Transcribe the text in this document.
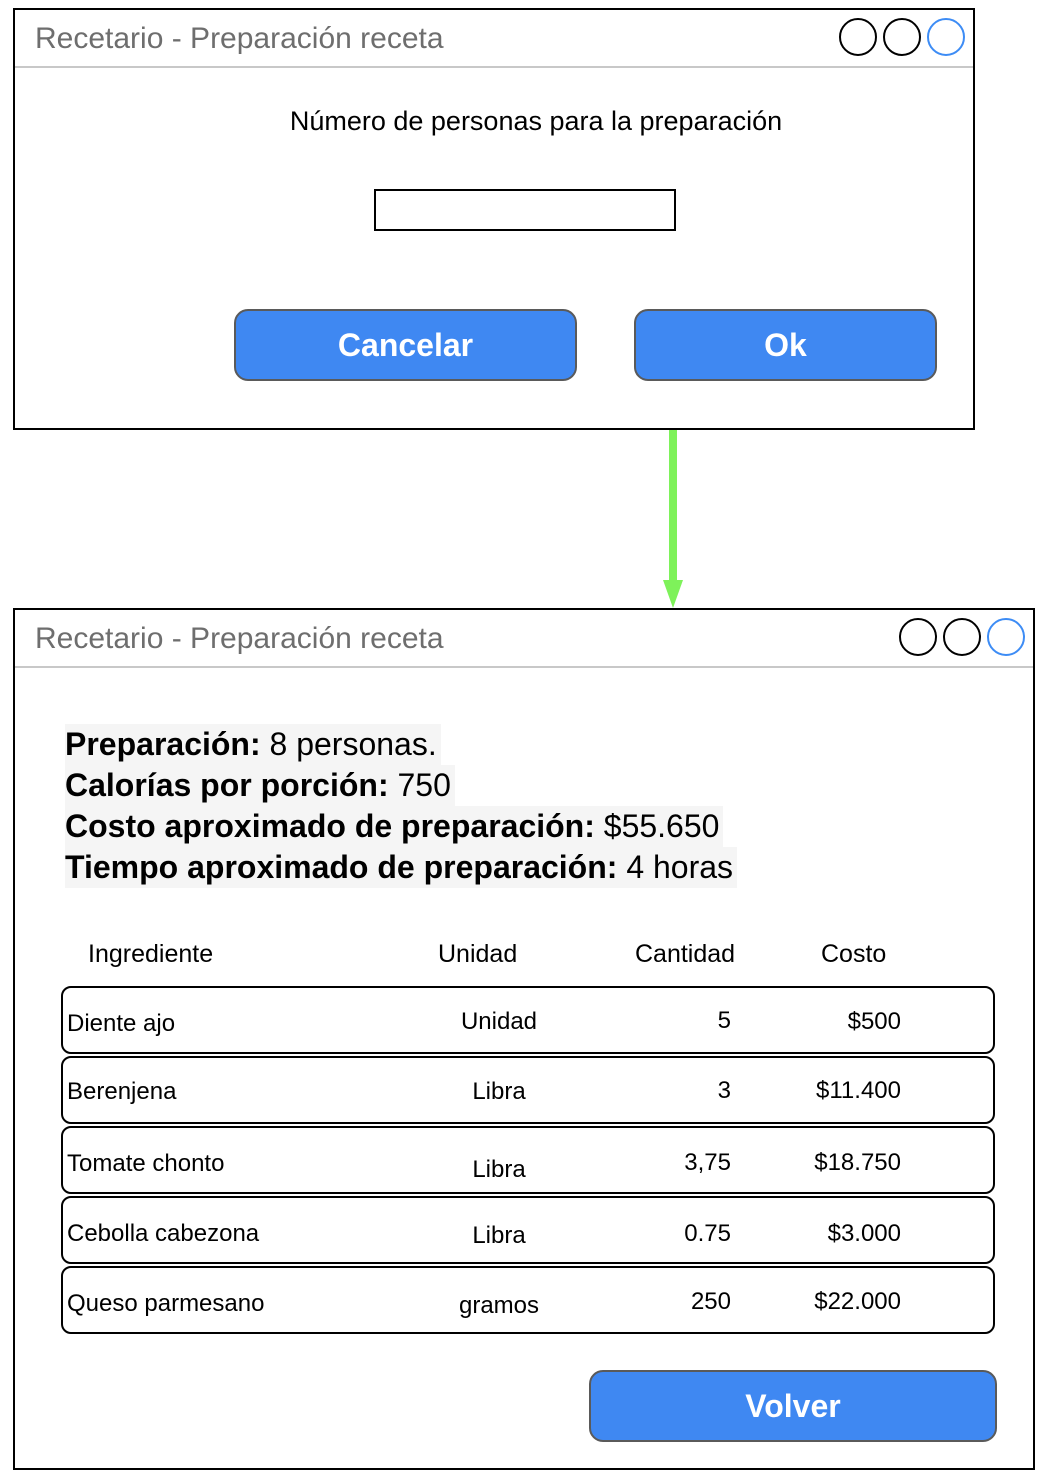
Recetario - Preparación receta
Número de personas para la preparación
Cancelar	Ok
Recetario - Preparación receta
Preparación: 8 personas.
Calorías por porción: 750
Costo aproximado de preparación: $55.650
Tiempo aproximado de preparación: 4 horas
Ingrediente	Unidad	Cantidad	Costo
Diente ajo	Unidad	5	$500
Berenjena	Libra	3	$11.400
Tomate chonto	Libra	3,75	$18.750
Cebolla cabezona	Libra	0.75	$3.000
Queso parmesano	gramos	250	$22.000
Volver
